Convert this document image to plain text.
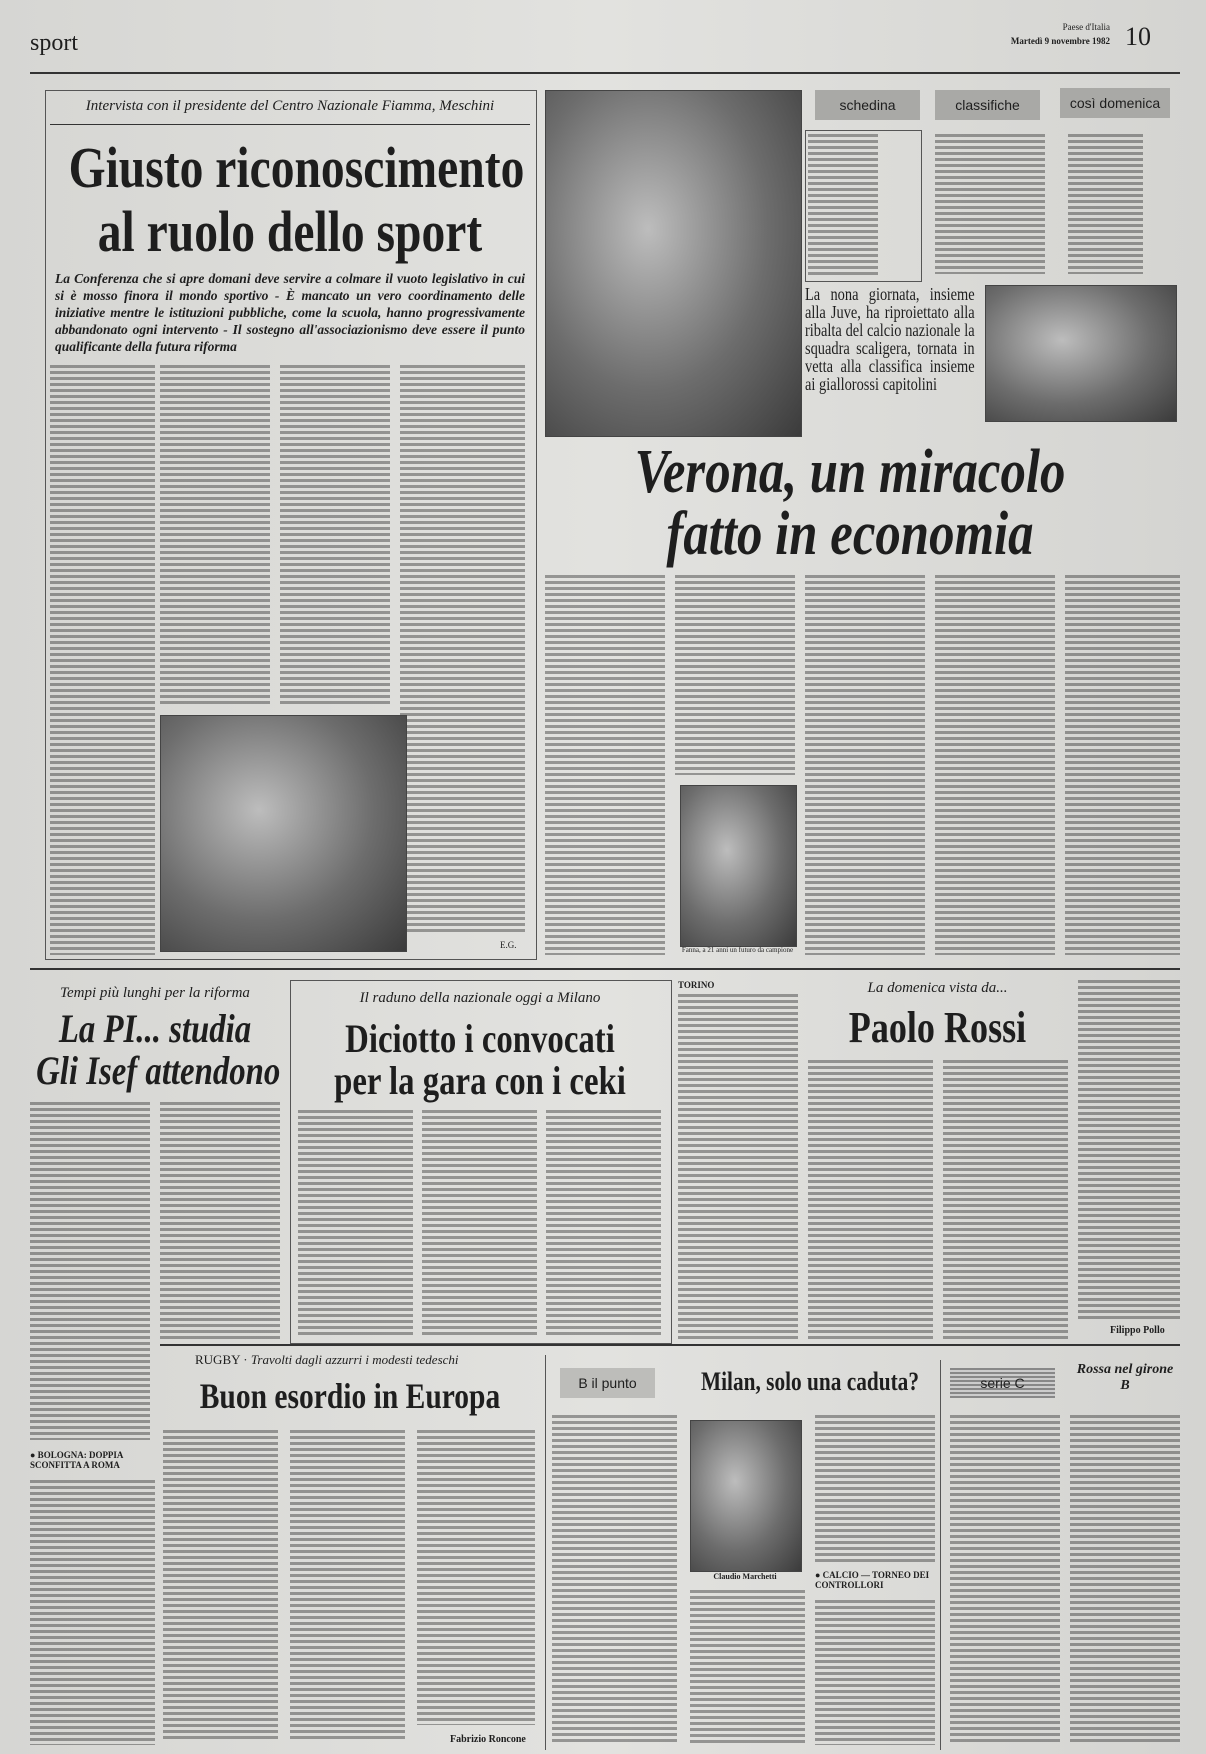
sport
Paese d'Italia
Martedì 9 novembre 1982 10
Intervista con il presidente del Centro Nazionale Fiamma, Meschini
Giusto riconoscimento
al ruolo dello sport
La Conferenza che si apre domani deve servire a colmare il vuoto legislativo in cui si è mosso finora il mondo sportivo - È mancato un vero coordinamento delle iniziative mentre le istituzioni pubbliche, come la scuola, hanno progressivamente abbandonato ogni intervento - Il sostegno all'associazionismo deve essere il punto qualificante della futura riforma
E.G.
schedina	classifiche	così domenica
La nona giornata, insieme alla Juve, ha riproiettato alla ribalta del calcio nazionale la squadra scaligera, tornata in vetta alla classifica insieme ai giallorossi capitolini
Verona, un miracolo
fatto in economia
Fanna, a 21 anni un futuro da campione
Tempi più lunghi per la riforma
La PI... studia
Gli Isef attendono
● BOLOGNA: DOPPIA SCONFITTA A ROMA
Il raduno della nazionale oggi a Milano
Diciotto i convocati
per la gara con i ceki
TORINO	La domenica vista da...
Paolo Rossi
Filippo Pollo
RUGBY · Travolti dagli azzurri i modesti tedeschi
Buon esordio in Europa
Fabrizio Roncone
B il punto	Milan, solo una caduta?
Claudio Marchetti	● CALCIO — TORNEO DEI CONTROLLORI
serie C
Rossa nel girone B
